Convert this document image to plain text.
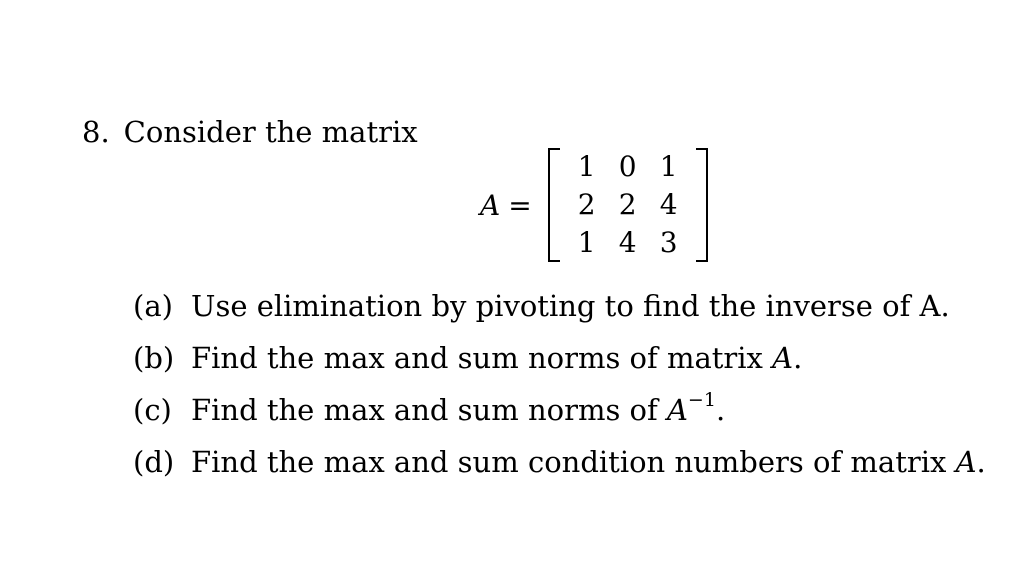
8. Consider the matrix
A =
1 0 1
2 2 4
1 4 3
(a) Use elimination by pivoting to find the inverse of A.
(b) Find the max and sum norms of matrix A.
(c) Find the max and sum norms of $A^{-1}$.
(d) Find the max and sum condition numbers of matrix A.
